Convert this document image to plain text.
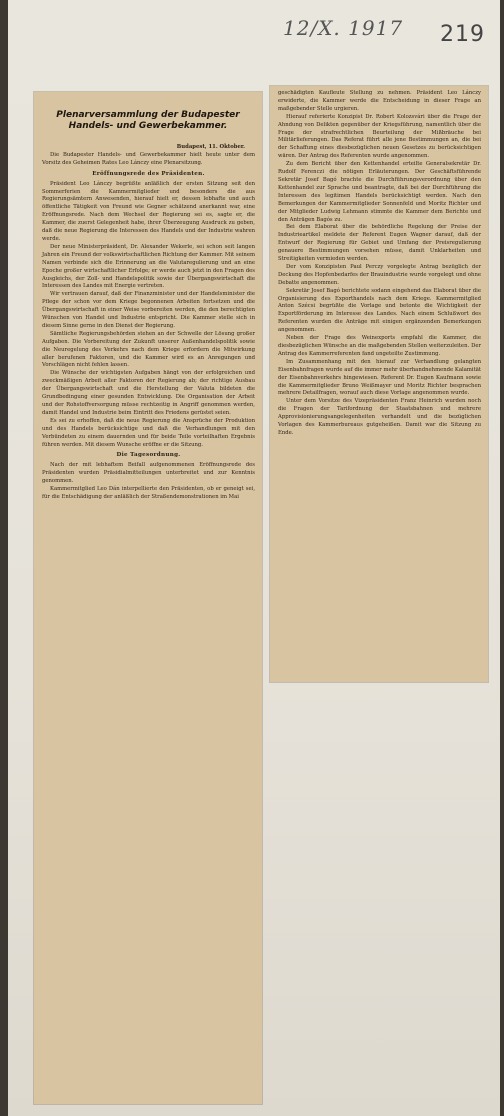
12/X. 1917 219
Plenarversammlung der Budapester Handels- und Gewerbekammer.
Budapest, 11. Oktober.

Die Budapester Handels- und Gewerbekammer hielt heute unter dem Vorsitz des Geheimen Rates Leo Lánczy eine Plenarsitzung.

Eröffnungsrede des Präsidenten.

Präsident Leo Lánczy begrüßte anläßlich der ersten Sitzung seit den Sommerferien die Kammermitglieder und besonders die aus Regierungsämtern Anwesenden, hierauf hielt er, dessen lebhafte und auch öffentliche Tätigkeit von Freund wie Gegner schätzend anerkannt war, eine Eröffnungsrede. Nach dem Wechsel der Regierung sei es, sagte er, die Kammer, die zuerst Gelegenheit habe, ihrer Überzeugung Ausdruck zu geben, daß die neue Regierung die Interessen des Handels und der Industrie wahren werde.

Der neue Ministerpräsident, Dr. Alexander Wekerle, sei schon seit langen Jahren ein Freund der volkswirtschaftlichen Richtung der Kammer. Mit seinem Namen verbinde sich die Erinnerung an die Valutaregulierung und an eine Epoche großer wirtschaftlicher Erfolge; er werde auch jetzt in den Fragen des Ausgleichs, der Zoll- und Handelspolitik sowie der Übergangswirtschaft die Interessen des Landes mit Energie vertreten.

Wir vertrauen darauf, daß der Finanzminister und der Handelsminister die Pflege der schon vor dem Kriege begonnenen Arbeiten fortsetzen und die Übergangswirtschaft in einer Weise vorbereiten werden, die den berechtigten Wünschen von Handel und Industrie entspricht. Die Kammer stelle sich in diesem Sinne gerne in den Dienst der Regierung.

Sämtliche Regierungsbehörden stehen an der Schwelle der Lösung großer Aufgaben. Die Vorbereitung der Zukunft unserer Außenhandelspolitik sowie die Neuregelung des Verkehrs nach dem Kriege erfordern die Mitwirkung aller berufenen Faktoren, und die Kammer wird es an Anregungen und Vorschlägen nicht fehlen lassen.

Die Wünsche der wichtigsten Aufgaben hängt von der erfolgreichen und zweckmäßigen Arbeit aller Faktoren der Regierung ab; der richtige Ausbau der Übergangswirtschaft und die Herstellung der Valuta bildeten die Grundbedingung einer gesunden Entwicklung. Die Organisation der Arbeit und der Rohstoffversorgung müsse rechtzeitig in Angriff genommen werden, damit Handel und Industrie beim Eintritt des Friedens gerüstet seien.

Es sei zu erhoffen, daß die neue Regierung die Ansprüche der Produktion und des Handels berücksichtige und daß die Verhandlungen mit den Verbündeten zu einem dauernden und für beide Teile vorteilhaften Ergebnis führen werden. Mit diesem Wunsche eröffne er die Sitzung.

Die Tagesordnung.

Nach der mit lebhaftem Beifall aufgenommenen Eröffnungsrede des Präsidenten wurden Präsidialmitteilungen unterbreitet und zur Kenntnis genommen.

Kammermitglied Leo Dán interpellierte den Präsidenten, ob er geneigt sei, für die Entschädigung der anläßlich der Straßendemonstrationen im Mai

geschädigten Kaufleute Stellung zu nehmen. Präsident Leo Lánczy erwiderte, die Kammer werde die Entscheidung in dieser Frage an maßgebender Stelle urgieren.

Hierauf referierte Konzipist Dr. Robert Kolozsvári über die Frage der Ahndung von Delikten gegenüber der Kriegsführung, namentlich über die Frage der strafrechtlichen Beurteilung der Mißbräuche bei Militärlieferungen. Das Referat führt alle jene Bestimmungen an, die bei der Schaffung eines diesbezüglichen neuen Gesetzes zu berücksichtigen wären. Der Antrag des Referenten wurde angenommen.

Zu dem Bericht über den Kettenhandel erteilte Generalsekretär Dr. Rudolf Ferenczi die nötigen Erläuterungen. Der Geschäftsführende Sekretär Josef Bagó brachte die Durchführungsverordnung über den Kettenhandel zur Sprache und beantragte, daß bei der Durchführung die Interessen des legitimen Handels berücksichtigt werden. Nach den Bemerkungen der Kammermitglieder Sonnenfeld und Moritz Richter und der Mitglieder Ludwig Lehmann stimmte die Kammer dem Berichte und den Anträgen Bagós zu.

Bei dem Elaborat über die behördliche Regelung der Preise der Industrieartikel meldete der Referent Eugen Wagner darauf, daß der Entwurf der Regierung für Gebiet und Umfang der Preisregulierung genauere Bestimmungen vorsehen müsse, damit Unklarheiten und Streitigkeiten vermieden werden.

Der vom Konzipisten Paul Perczy vorgelegte Antrag bezüglich der Deckung des Hopfenbedarfes der Brauindustrie wurde vorgelegt und ohne Debatte angenommen.

Sekretär Josef Bagó berichtete sodann eingehend das Elaborat über die Organisierung des Exporthandels nach dem Kriege. Kammermitglied Anton Szécsi begrüßte die Vorlage und betonte die Wichtigkeit der Exportförderung im Interesse des Landes. Nach einem Schlußwort des Referenten wurden die Anträge mit einigen ergänzenden Bemerkungen angenommen.

Neben der Frage des Weinexports empfahl die Kammer, die diesbezüglichen Wünsche an die maßgebenden Stellen weiterzuleiten. Der Antrag des Kammerreferenten fand ungeteilte Zustimmung.

Im Zusammenhang mit den hierauf zur Verhandlung gelangten Eisenbahnfragen wurde auf die immer mehr überhandnehmende Kalamität der Eisenbahnverkehrs hingewiesen. Referent Dr. Eugen Kaufmann sowie die Kammermitglieder Bruno Weißmayer und Moritz Richter besprachen mehrere Detailfragen, worauf auch diese Vorlage angenommen wurde.

Unter dem Vorsitze des Vizepräsidenten Franz Heinrich wurden noch die Fragen der Tarifordnung der Staatsbahnen und mehrere Approvisionierungsangelegenheiten verhandelt und die bezüglichen Vorlagen des Kammerbureaus gutgeheißen. Damit war die Sitzung zu Ende.
